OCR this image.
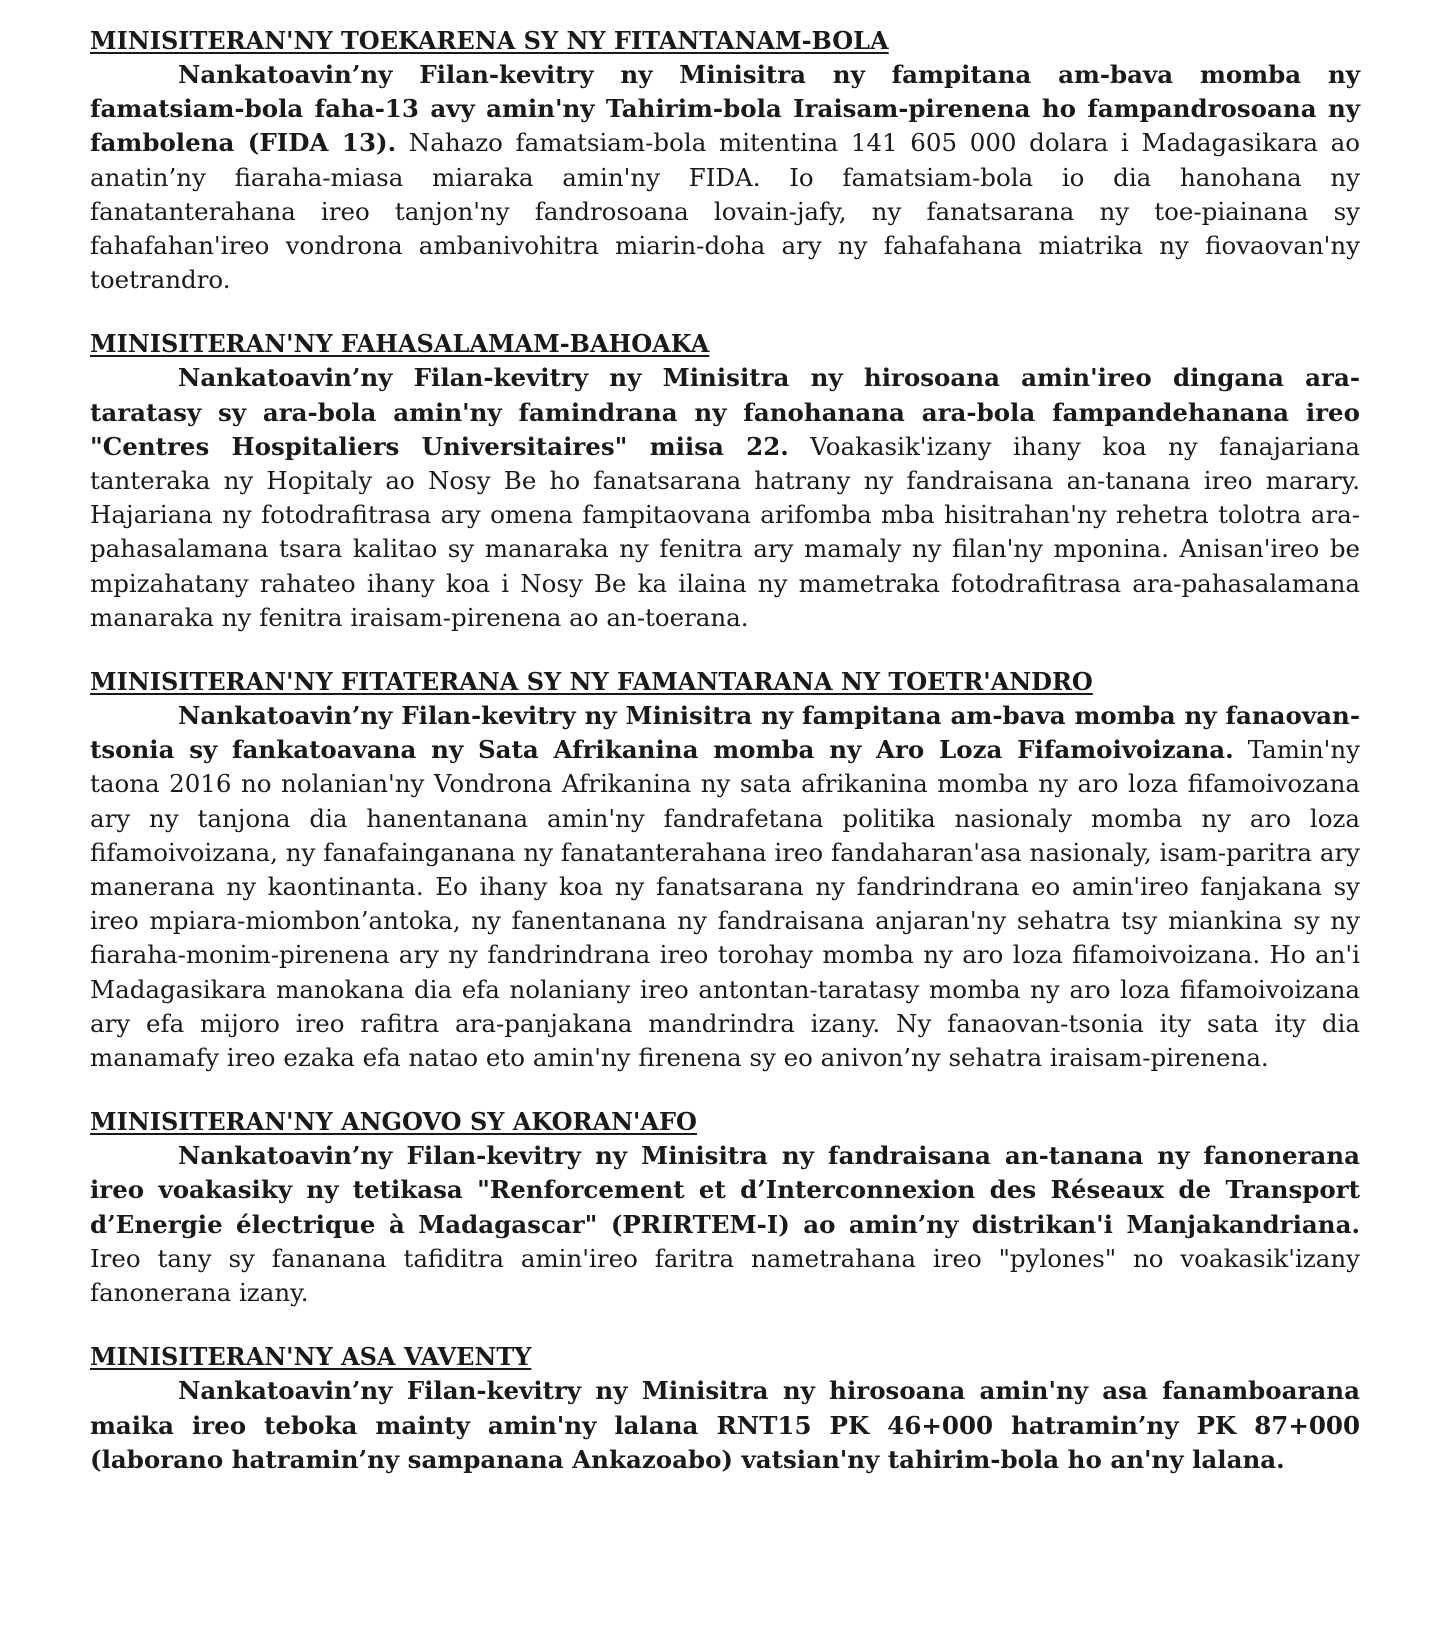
MINISITERAN'NY TOEKARENA SY NY FITANTANAM-BOLA

Nankatoavin’ny Filan-kevitry ny Minisitra ny fampitana am-bava momba ny famatsiam-bola faha-13 avy amin'ny Tahirim-bola Iraisam-pirenena ho fampandrosoana ny fambolena (FIDA 13). Nahazo famatsiam-bola mitentina 141 605 000 dolara i Madagasikara ao anatin’ny fiaraha-miasa miaraka amin'ny FIDA. Io famatsiam-bola io dia hanohana ny fanatanterahana ireo tanjon'ny fandrosoana lovain-jafy, ny fanatsarana ny toe-piainana sy fahafahan'ireo vondrona ambanivohitra miarin-doha ary ny fahafahana miatrika ny fiovaovan'ny toetrandro.

MINISITERAN'NY FAHASALAMAM-BAHOAKA

Nankatoavin’ny Filan-kevitry ny Minisitra ny hirosoana amin'ireo dingana ara-taratasy sy ara-bola amin'ny famindrana ny fanohanana ara-bola fampandehanana ireo "Centres Hospitaliers Universitaires" miisa 22. Voakasik'izany ihany koa ny fanajariana tanteraka ny Hopitaly ao Nosy Be ho fanatsarana hatrany ny fandraisana an-tanana ireo marary. Hajariana ny fotodrafitrasa ary omena fampitaovana arifomba mba hisitrahan'ny rehetra tolotra ara-pahasalamana tsara kalitao sy manaraka ny fenitra ary mamaly ny filan'ny mponina. Anisan'ireo be mpizahatany rahateo ihany koa i Nosy Be ka ilaina ny mametraka fotodrafitrasa ara-pahasalamana manaraka ny fenitra iraisam-pirenena ao an-toerana.

MINISITERAN'NY FITATERANA SY NY FAMANTARANA NY TOETR'ANDRO

Nankatoavin’ny Filan-kevitry ny Minisitra ny fampitana am-bava momba ny fanaovan-tsonia sy fankatoavana ny Sata Afrikanina momba ny Aro Loza Fifamoivoizana. Tamin'ny taona 2016 no nolanian'ny Vondrona Afrikanina ny sata afrikanina momba ny aro loza fifamoivozana ary ny tanjona dia hanentanana amin'ny fandrafetana politika nasionaly momba ny aro loza fifamoivoizana, ny fanafainganana ny fanatanterahana ireo fandaharan'asa nasionaly, isam-paritra ary manerana ny kaontinanta. Eo ihany koa ny fanatsarana ny fandrindrana eo amin'ireo fanjakana sy ireo mpiara-miombon’antoka, ny fanentanana ny fandraisana anjaran'ny sehatra tsy miankina sy ny fiaraha-monim-pirenena ary ny fandrindrana ireo torohay momba ny aro loza fifamoivoizana. Ho an'i Madagasikara manokana dia efa nolaniany ireo antontan-taratasy momba ny aro loza fifamoivoizana ary efa mijoro ireo rafitra ara-panjakana mandrindra izany. Ny fanaovan-tsonia ity sata ity dia manamafy ireo ezaka efa natao eto amin'ny firenena sy eo anivon’ny sehatra iraisam-pirenena.

MINISITERAN'NY ANGOVO SY AKORAN'AFO

Nankatoavin’ny Filan-kevitry ny Minisitra ny fandraisana an-tanana ny fanonerana ireo voakasiky ny tetikasa "Renforcement et d’Interconnexion des Réseaux de Transport d’Energie électrique à Madagascar" (PRIRTEM-I) ao amin’ny distrikan'i Manjakandriana. Ireo tany sy fananana tafiditra amin'ireo faritra nametrahana ireo "pylones" no voakasik'izany fanonerana izany.

MINISITERAN'NY ASA VAVENTY

Nankatoavin’ny Filan-kevitry ny Minisitra ny hirosoana amin'ny asa fanamboarana maika ireo teboka mainty amin'ny lalana RNT15 PK 46+000 hatramin’ny PK 87+000 (laborano hatramin’ny sampanana Ankazoabo) vatsian'ny tahirim-bola ho an'ny lalana.
